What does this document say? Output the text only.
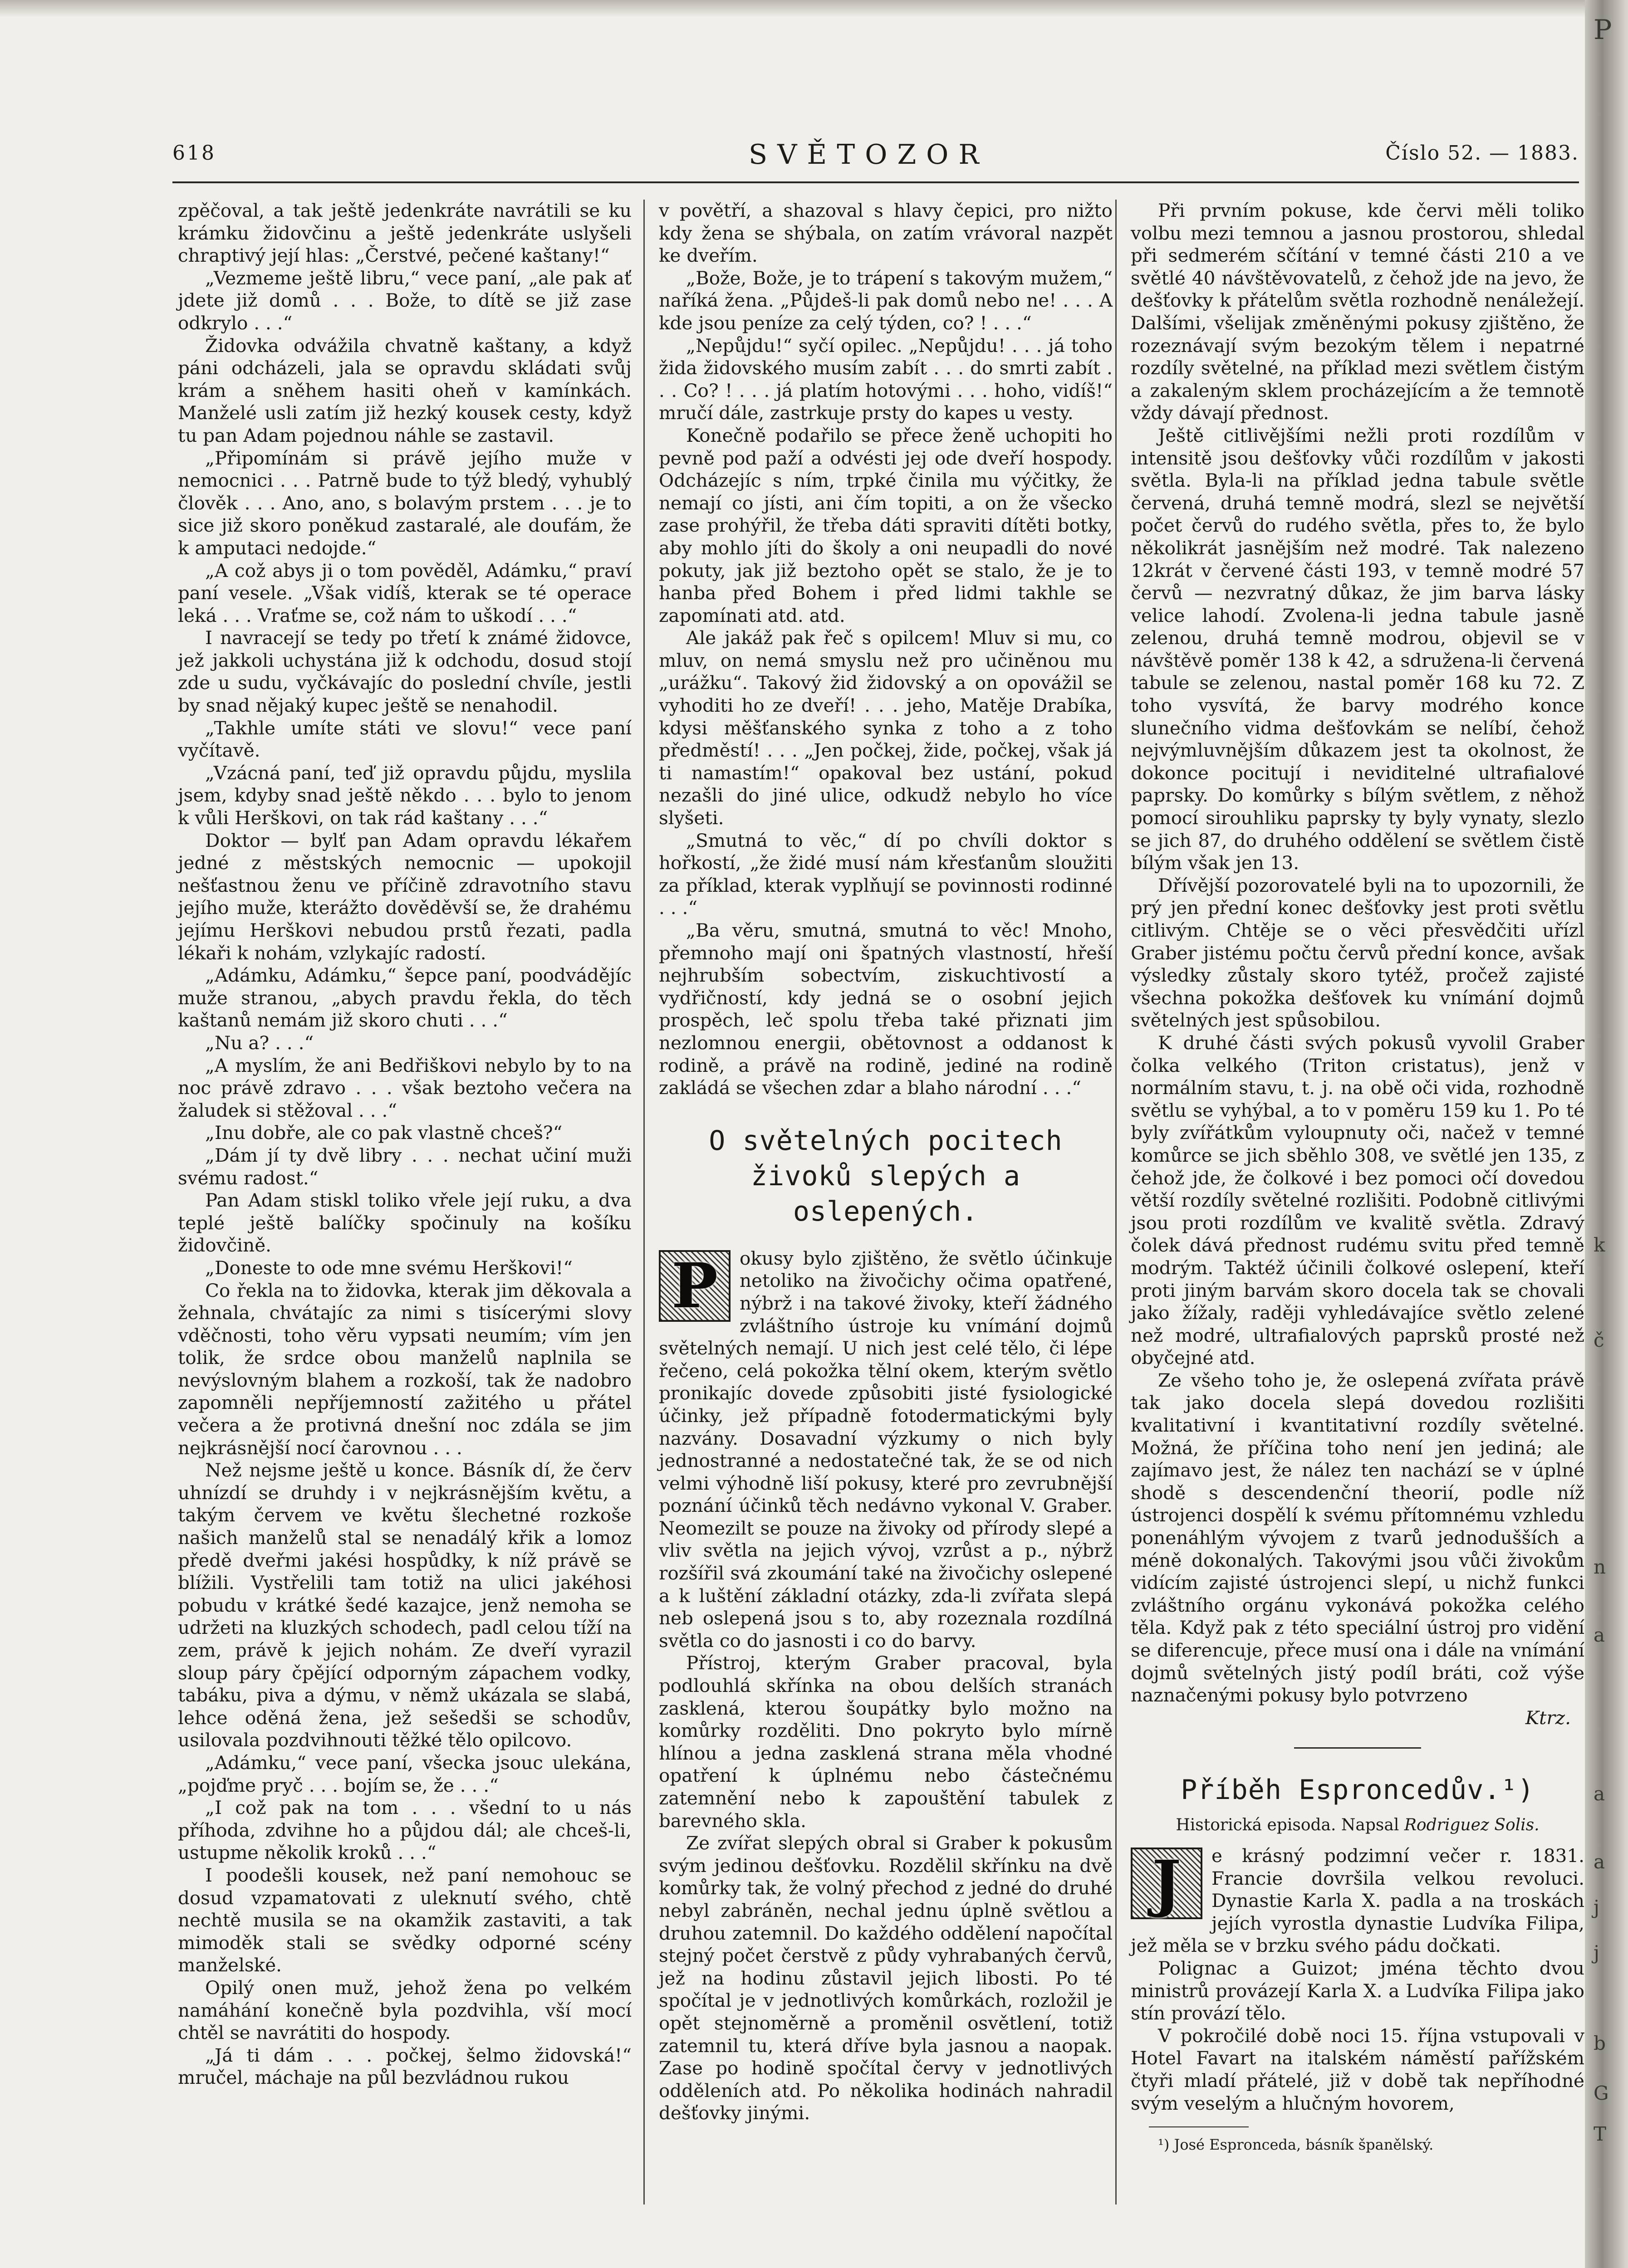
P
k
č
n
a
a
a
j
j
b
G
T
618	SVĚTOZOR	Číslo 52. — 1883.

zpěčoval, a tak ještě jedenkráte navrátili se ku krámku židovčinu a ještě jedenkráte uslyšeli chraptivý její hlas: „Čerstvé, pečené kaštany!“

„Vezmeme ještě libru,“ vece paní, „ale pak ať jdete již domů . . . Bože, to dítě se již zase odkrylo . . .“

Židovka odvážila chvatně kaštany, a když páni odcházeli, jala se opravdu skládati svůj krám a sněhem hasiti oheň v kamínkách. Manželé usli zatím již hezký kousek cesty, když tu pan Adam pojednou náhle se zastavil.

„Připomínám si právě jejího muže v nemocnici . . . Patrně bude to týž bledý, vyhublý člověk . . . Ano, ano, s bolavým prstem . . . je to sice již skoro poněkud zastaralé, ale doufám, že k amputaci nedojde.“

„A což abys ji o tom pověděl, Adámku,“ praví paní vesele. „Však vidíš, kterak se té operace leká . . . Vraťme se, což nám to uškodí . . .“

I navracejí se tedy po třetí k známé židovce, jež jakkoli uchystána již k odchodu, dosud stojí zde u sudu, vyčkávajíc do poslední chvíle, jestli by snad nějaký kupec ještě se nenahodil.

„Takhle umíte státi ve slovu!“ vece paní vyčítavě.

„Vzácná paní, teď již opravdu půjdu, myslila jsem, kdyby snad ještě někdo . . . bylo to jenom k vůli Herškovi, on tak rád kaštany . . .“

Doktor — bylť pan Adam opravdu lékařem jedné z městských nemocnic — upokojil nešťastnou ženu ve příčině zdravotního stavu jejího muže, kterážto dověděvší se, že drahému jejímu Herškovi nebudou prstů řezati, padla lékaři k nohám, vzlykajíc radostí.

„Adámku, Adámku,“ šepce paní, poodvádějíc muže stranou, „abych pravdu řekla, do těch kaštanů nemám již skoro chuti . . .“

„Nu a? . . .“

„A myslím, že ani Bedřiškovi nebylo by to na noc právě zdravo . . . však beztoho večera na žaludek si stěžoval . . .“

„Inu dobře, ale co pak vlastně chceš?“

„Dám jí ty dvě libry . . . nechat učiní muži svému radost.“

Pan Adam stiskl toliko vřele její ruku, a dva teplé ještě balíčky spočinuly na košíku židovčině.

„Doneste to ode mne svému Herškovi!“

Co řekla na to židovka, kterak jim děkovala a žehnala, chvátajíc za nimi s tisícerými slovy vděčnosti, toho věru vypsati neumím; vím jen tolik, že srdce obou manželů naplnila se nevýslovným blahem a rozkoší, tak že nadobro zapomněli nepříjemností zažitého u přátel večera a že protivná dnešní noc zdála se jim nejkrásnější nocí čarovnou . . .

Než nejsme ještě u konce. Básník dí, že červ uhnízdí se druhdy i v nejkrásnějším květu, a takým červem ve květu šlechetné rozkoše našich manželů stal se nenadálý křik a lomoz předě dveřmi jakési hospůdky, k níž právě se blížili. Vystřelili tam totiž na ulici jakéhosi pobudu v krátké šedé kazajce, jenž nemoha se udržeti na kluzkých schodech, padl celou tíží na zem, právě k jejich nohám. Ze dveří vyrazil sloup páry čpějící odporným zápachem vodky, tabáku, piva a dýmu, v němž ukázala se slabá, lehce oděná žena, jež sešedši se schodův, usilovala pozdvihnouti těžké tělo opilcovo.

„Adámku,“ vece paní, všecka jsouc ulekána, „pojďme pryč . . . bojím se, že . . .“

„I což pak na tom . . . všední to u nás příhoda, zdvihne ho a půjdou dál; ale chceš-li, ustupme několik kroků . . .“

I poodešli kousek, než paní nemohouc se dosud vzpamatovati z uleknutí svého, chtě nechtě musila se na okamžik zastaviti, a tak mimoděk stali se svědky odporné scény manželské.

Opilý onen muž, jehož žena po velkém namáhání konečně byla pozdvihla, vší mocí chtěl se navrátiti do hospody.

„Já ti dám . . . počkej, šelmo židovská!“ mručel, máchaje na půl bezvládnou rukou

v povětří, a shazoval s hlavy čepici, pro nižto kdy žena se shýbala, on zatím vrávoral nazpět ke dveřím.

„Bože, Bože, je to trápení s takovým mužem,“ naříká žena. „Půjdeš-li pak domů nebo ne! . . . A kde jsou peníze za celý týden, co? ! . . .“

„Nepůjdu!“ syčí opilec. „Nepůjdu! . . . já toho žida židovského musím zabít . . . do smrti zabít . . . Co? ! . . . já platím hotovými . . . hoho, vidíš!“ mručí dále, zastrkuje prsty do kapes u vesty.

Konečně podařilo se přece ženě uchopiti ho pevně pod paží a odvésti jej ode dveří hospody. Odcházejíc s ním, trpké činila mu výčitky, že nemají co jísti, ani čím topiti, a on že všecko zase prohýřil, že třeba dáti spraviti dítěti botky, aby mohlo jíti do školy a oni neupadli do nové pokuty, jak již beztoho opět se stalo, že je to hanba před Bohem i před lidmi takhle se zapomínati atd. atd.

Ale jakáž pak řeč s opilcem! Mluv si mu, co mluv, on nemá smyslu než pro učiněnou mu „urážku“. Takový žid židovský a on opovážil se vyhoditi ho ze dveří! . . . jeho, Matěje Drabíka, kdysi měšťanského synka z toho a z toho předměstí! . . . „Jen počkej, žide, počkej, však já ti namastím!“ opakoval bez ustání, pokud nezašli do jiné ulice, odkudž nebylo ho více slyšeti.

„Smutná to věc,“ dí po chvíli doktor s hořkostí, „že židé musí nám křesťanům sloužiti za příklad, kterak vyplňují se povinnosti rodinné . . .“

„Ba věru, smutná, smutná to věc! Mnoho, přemnoho mají oni špatných vlastností, hřeší nejhrubším sobectvím, ziskuchtivostí a vydřičností, kdy jedná se o osobní jejich prospěch, leč spolu třeba také přiznati jim nezlomnou energii, obětovnost a oddanost k rodině, a právě na rodině, jediné na rodině zakládá se všechen zdar a blaho národní . . .“

O světelných pocitech živoků slepých a oslepených.
P	okusy bylo zjištěno, že světlo účinkuje netoliko na živočichy očima opatřené, nýbrž i na takové živoky, kteří žádného zvláštního ústroje ku vnímání dojmů světelných nemají. U nich jest celé tělo, či lépe řečeno, celá pokožka tělní okem, kterým světlo pronikajíc dovede způsobiti jisté fysiologické účinky, jež případně fotodermatickými byly nazvány. Dosavadní výzkumy o nich byly jednostranné a nedostatečné tak, že se od nich velmi výhodně liší pokusy, které pro zevrubnější poznání účinků těch nedávno vykonal V. Graber. Neomezilt se pouze na živoky od přírody slepé a vliv světla na jejich vývoj, vzrůst a p., nýbrž rozšířil svá zkoumání také na živočichy oslepené a k luštění základní otázky, zda-li zvířata slepá neb oslepená jsou s to, aby rozeznala rozdílná světla co do jasnosti i co do barvy.

Přístroj, kterým Graber pracoval, byla podlouhlá skřínka na obou delších stranách zasklená, kterou šoupátky bylo možno na komůrky rozděliti. Dno pokryto bylo mírně hlínou a jedna zasklená strana měla vhodné opatření k úplnému nebo částečnému zatemnění nebo k zapouštění tabulek z barevného skla.

Ze zvířat slepých obral si Graber k pokusům svým jedinou dešťovku. Rozdělil skřínku na dvě komůrky tak, že volný přechod z jedné do druhé nebyl zabráněn, nechal jednu úplně světlou a druhou zatemnil. Do každého oddělení napočítal stejný počet čerstvě z půdy vyhrabaných červů, jež na hodinu zůstavil jejich libosti. Po té spočítal je v jednotlivých komůrkách, rozložil je opět stejnoměrně a proměnil osvětlení, totiž zatemnil tu, která dříve byla jasnou a naopak. Zase po hodině spočítal červy v jednotlivých odděleních atd. Po několika hodinách nahradil dešťovky jinými.

Při prvním pokuse, kde červi měli toliko volbu mezi temnou a jasnou prostorou, shledal při sedmerém sčítání v temné části 210 a ve světlé 40 návštěvovatelů, z čehož jde na jevo, že dešťovky k přátelům světla rozhodně nenáležejí. Dalšími, všelijak změněnými pokusy zjištěno, že rozeznávají svým bezokým tělem i nepatrné rozdíly světelné, na příklad mezi světlem čistým a zakaleným sklem procházejícím a že temnotě vždy dávají přednost.

Ještě citlivějšími nežli proti rozdílům v intensitě jsou dešťovky vůči rozdílům v jakosti světla. Byla-li na příklad jedna tabule světle červená, druhá temně modrá, slezl se největší počet červů do rudého světla, přes to, že bylo několikrát jasnějším než modré. Tak nalezeno 12krát v červené části 193, v temně modré 57 červů — nezvratný důkaz, že jim barva lásky velice lahodí. Zvolena-li jedna tabule jasně zelenou, druhá temně modrou, objevil se v návštěvě poměr 138 k 42, a sdružena-li červená tabule se zelenou, nastal poměr 168 ku 72. Z toho vysvítá, že barvy modrého konce slunečního vidma dešťovkám se nelíbí, čehož nejvýmluvnějším důkazem jest ta okolnost, že dokonce pocitují i neviditelné ultrafialové paprsky. Do komůrky s bílým světlem, z něhož pomocí sirouhliku paprsky ty byly vynaty, slezlo se jich 87, do druhého oddělení se světlem čistě bílým však jen 13.

Dřívější pozorovatelé byli na to upozornili, že prý jen přední konec dešťovky jest proti světlu citlivým. Chtěje se o věci přesvědčiti uřízl Graber jistému počtu červů přední konce, avšak výsledky zůstaly skoro tytéž, pročež zajisté všechna pokožka dešťovek ku vnímání dojmů světelných jest spůsobilou.

K druhé části svých pokusů vyvolil Graber čolka velkého (Triton cristatus), jenž v normálním stavu, t. j. na obě oči vida, rozhodně světlu se vyhýbal, a to v poměru 159 ku 1. Po té byly zvířátkům vyloupnuty oči, načež v temné komůrce se jich sběhlo 308, ve světlé jen 135, z čehož jde, že čolkové i bez pomoci očí dovedou větší rozdíly světelné rozlišiti. Podobně citlivými jsou proti rozdílům ve kvalitě světla. Zdravý čolek dává přednost rudému svitu před temně modrým. Taktéž účinili čolkové oslepení, kteří proti jiným barvám skoro docela tak se chovali jako žížaly, raději vyhledávajíce světlo zelené než modré, ultrafialových paprsků prosté než obyčejné atd.

Ze všeho toho je, že oslepená zvířata právě tak jako docela slepá dovedou rozlišiti kvalitativní i kvantitativní rozdíly světelné. Možná, že příčina toho není jen jediná; ale zajímavo jest, že nález ten nachází se v úplné shodě s descendenční theorií, podle níž ústrojenci dospělí k svému přítomnému vzhledu ponenáhlým vývojem z tvarů jednodušších a méně dokonalých. Takovými jsou vůči živokům vidícím zajisté ústrojenci slepí, u nichž funkci zvláštního orgánu vykonává pokožka celého těla. Když pak z této speciální ústroj pro vidění se diferencuje, přece musí ona i dále na vnímání dojmů světelných jistý podíl bráti, což výše naznačenými pokusy bylo potvrzeno

Ktrz.
Příběh Esproncedův.¹)
Historická episoda. Napsal Rodriguez Solis.
J	e krásný podzimní večer r. 1831. Francie dovršila velkou revoluci. Dynastie Karla X. padla a na troskách jejích vyrostla dynastie Ludvíka Filipa, jež měla se v brzku svého pádu dočkati.

Polignac a Guizot; jména těchto dvou ministrů provázejí Karla X. a Ludvíka Filipa jako stín provází tělo.

V pokročilé době noci 15. října vstupovali v Hotel Favart na italském náměstí pařížském čtyři mladí přátelé, již v době tak nepříhodné svým veselým a hlučným hovorem,

¹) José Espronceda, básník španělský.
